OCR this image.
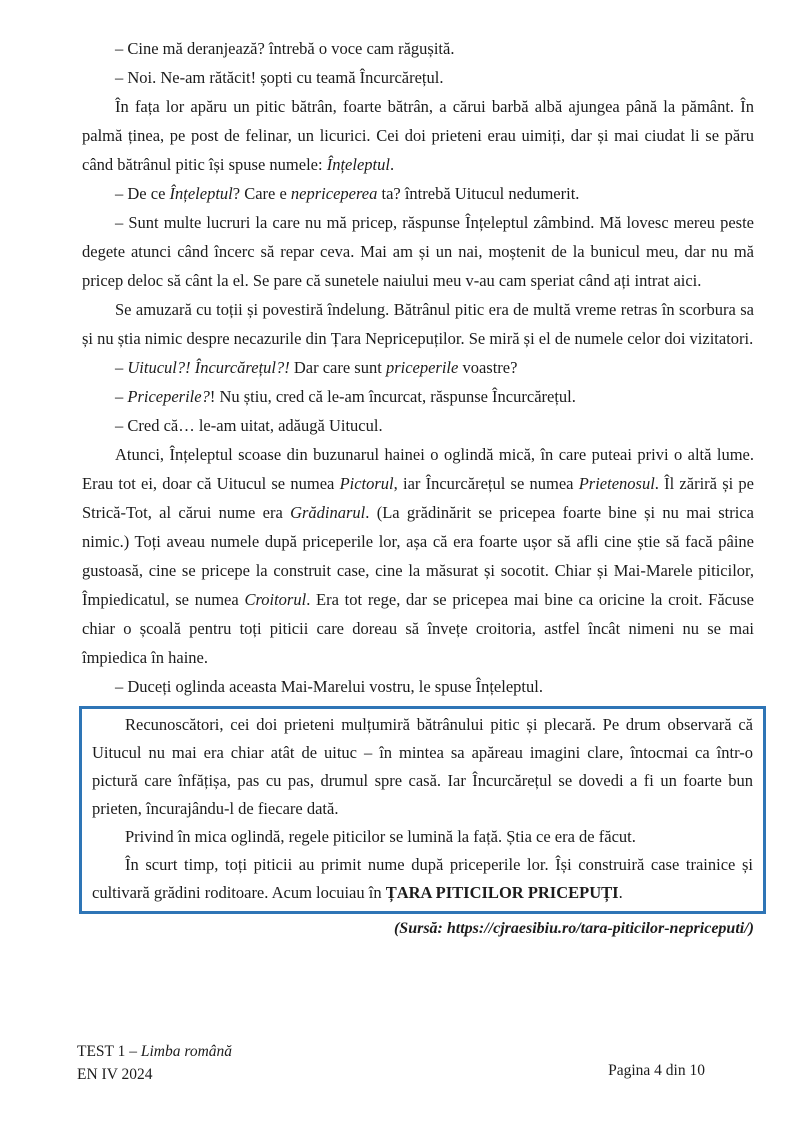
– Cine mă deranjează? întrebă o voce cam răgușită.

– Noi. Ne-am rătăcit! șopti cu teamă Încurcărețul.

În fața lor apăru un pitic bătrân, foarte bătrân, a cărui barbă albă ajungea până la pământ. În palmă ținea, pe post de felinar, un licurici. Cei doi prieteni erau uimiți, dar și mai ciudat li se păru când bătrânul pitic își spuse numele: Înțeleptul.

– De ce Înțeleptul? Care e nepriceperea ta? întrebă Uitucul nedumerit.

– Sunt multe lucruri la care nu mă pricep, răspunse Înțeleptul zâmbind. Mă lovesc mereu peste degete atunci când încerc să repar ceva. Mai am și un nai, moștenit de la bunicul meu, dar nu mă pricep deloc să cânt la el. Se pare că sunetele naiului meu v-au cam speriat când ați intrat aici.

Se amuzară cu toții și povestiră îndelung. Bătrânul pitic era de multă vreme retras în scorbura sa și nu știa nimic despre necazurile din Țara Nepricepuților. Se miră și el de numele celor doi vizitatori.

– Uitucul?! Încurcărețul?! Dar care sunt priceperile voastre?

– Priceperile?! Nu știu, cred că le-am încurcat, răspunse Încurcărețul.

– Cred că… le-am uitat, adăugă Uitucul.

Atunci, Înțeleptul scoase din buzunarul hainei o oglindă mică, în care puteai privi o altă lume. Erau tot ei, doar că Uitucul se numea Pictorul, iar Încurcărețul se numea Prietenosul. Îl zăriră și pe Strică-Tot, al cărui nume era Grădinarul. (La grădinărit se pricepea foarte bine și nu mai strica nimic.) Toți aveau numele după priceperile lor, așa că era foarte ușor să afli cine știe să facă pâine gustoasă, cine se pricepe la construit case, cine la măsurat și socotit. Chiar și Mai-Marele piticilor, Împiedicatul, se numea Croitorul. Era tot rege, dar se pricepea mai bine ca oricine la croit. Făcuse chiar o școală pentru toți piticii care doreau să învețe croitoria, astfel încât nimeni nu se mai împiedica în haine.

– Duceți oglinda aceasta Mai-Marelui vostru, le spuse Înțeleptul.

Recunoscători, cei doi prieteni mulțumiră bătrânului pitic și plecară. Pe drum observară că Uitucul nu mai era chiar atât de uituc – în mintea sa apăreau imagini clare, întocmai ca într-o pictură care înfățișa, pas cu pas, drumul spre casă. Iar Încurcărețul se dovedi a fi un foarte bun prieten, încurajându-l de fiecare dată.

Privind în mica oglindă, regele piticilor se lumină la față. Știa ce era de făcut.

În scurt timp, toți piticii au primit nume după priceperile lor. Își construiră case trainice și cultivară grădini roditoare. Acum locuiau în ȚARA PITICILOR PRICEPUȚI.

(Sursă: https://cjraesibiu.ro/tara-piticilor-nepriceputi/)

TEST 1 – Limba română
EN IV 2024	Pagina 4 din 10
